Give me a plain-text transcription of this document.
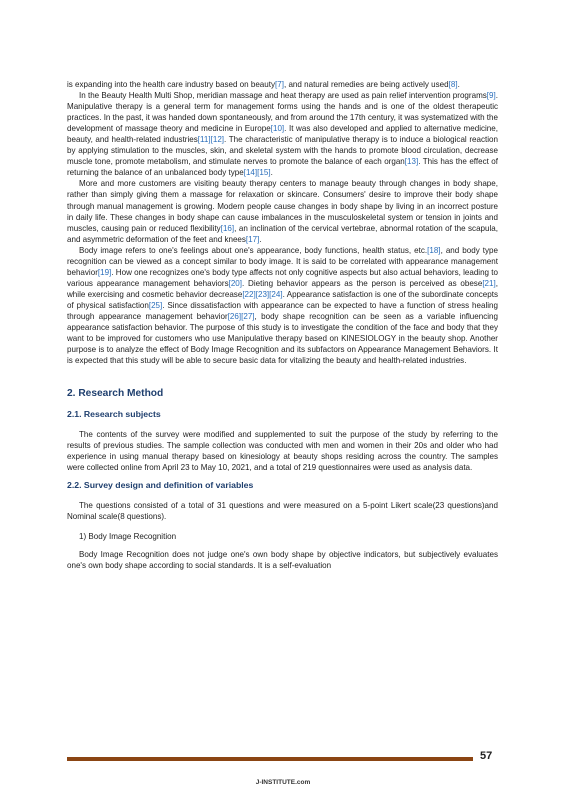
is expanding into the health care industry based on beauty[7], and natural remedies are being actively used[8].

In the Beauty Health Multi Shop, meridian massage and heat therapy are used as pain relief intervention programs[9]. Manipulative therapy is a general term for management forms using the hands and is one of the oldest therapeutic practices. In the past, it was handed down spontaneously, and from around the 17th century, it was systematized with the development of massage theory and medicine in Europe[10]. It was also developed and applied to alternative medicine, beauty, and health-related industries[11][12]. The characteristic of manipulative therapy is to induce a biological reaction by applying stimulation to the muscles, skin, and skeletal system with the hands to promote blood circulation, decrease muscle tone, promote metabolism, and stimulate nerves to promote the balance of each organ[13]. This has the effect of returning the balance of an unbalanced body type[14][15].

More and more customers are visiting beauty therapy centers to manage beauty through changes in body shape, rather than simply giving them a massage for relaxation or skincare. Consumers' desire to improve their body shape through manual management is growing. Modern people cause changes in body shape by living in an incorrect posture in daily life. These changes in body shape can cause imbalances in the musculoskeletal system or tension in joints and muscles, causing pain or reduced flexibility[16], an inclination of the cervical vertebrae, abnormal rotation of the scapula, and asymmetric deformation of the feet and knees[17].

Body image refers to one's feelings about one's appearance, body functions, health status, etc.[18], and body type recognition can be viewed as a concept similar to body image. It is said to be correlated with appearance management behavior[19]. How one recognizes one's body type affects not only cognitive aspects but also actual behaviors, leading to various appearance management behaviors[20]. Dieting behavior appears as the person is perceived as obese[21], while exercising and cosmetic behavior decrease[22][23][24]. Appearance satisfaction is one of the subordinate concepts of physical satisfaction[25]. Since dissatisfaction with appearance can be expected to have a function of stress healing through appearance management behavior[26][27], body shape recognition can be seen as a variable influencing appearance satisfaction behavior. The purpose of this study is to investigate the condition of the face and body that they want to be improved for customers who use Manipulative therapy based on KINESIOLOGY in the beauty shop. Another purpose is to analyze the effect of Body Image Recognition and its subfactors on Appearance Management Behaviors. It is expected that this study will be able to secure basic data for vitalizing the beauty and health-related industries.

2. Research Method
2.1. Research subjects

The contents of the survey were modified and supplemented to suit the purpose of the study by referring to the results of previous studies. The sample collection was conducted with men and women in their 20s and older who had experience in using manual therapy based on kinesiology at beauty shops residing across the country. The samples were collected online from April 23 to May 10, 2021, and a total of 219 questionnaires were used as analysis data.

2.2. Survey design and definition of variables

The questions consisted of a total of 31 questions and were measured on a 5-point Likert scale(23 questions)and Nominal scale(8 questions).

1) Body Image Recognition

Body Image Recognition does not judge one's own body shape by objective indicators, but subjectively evaluates one's own body shape according to social standards. It is a self-evaluation

57
J-INSTITUTE.com
